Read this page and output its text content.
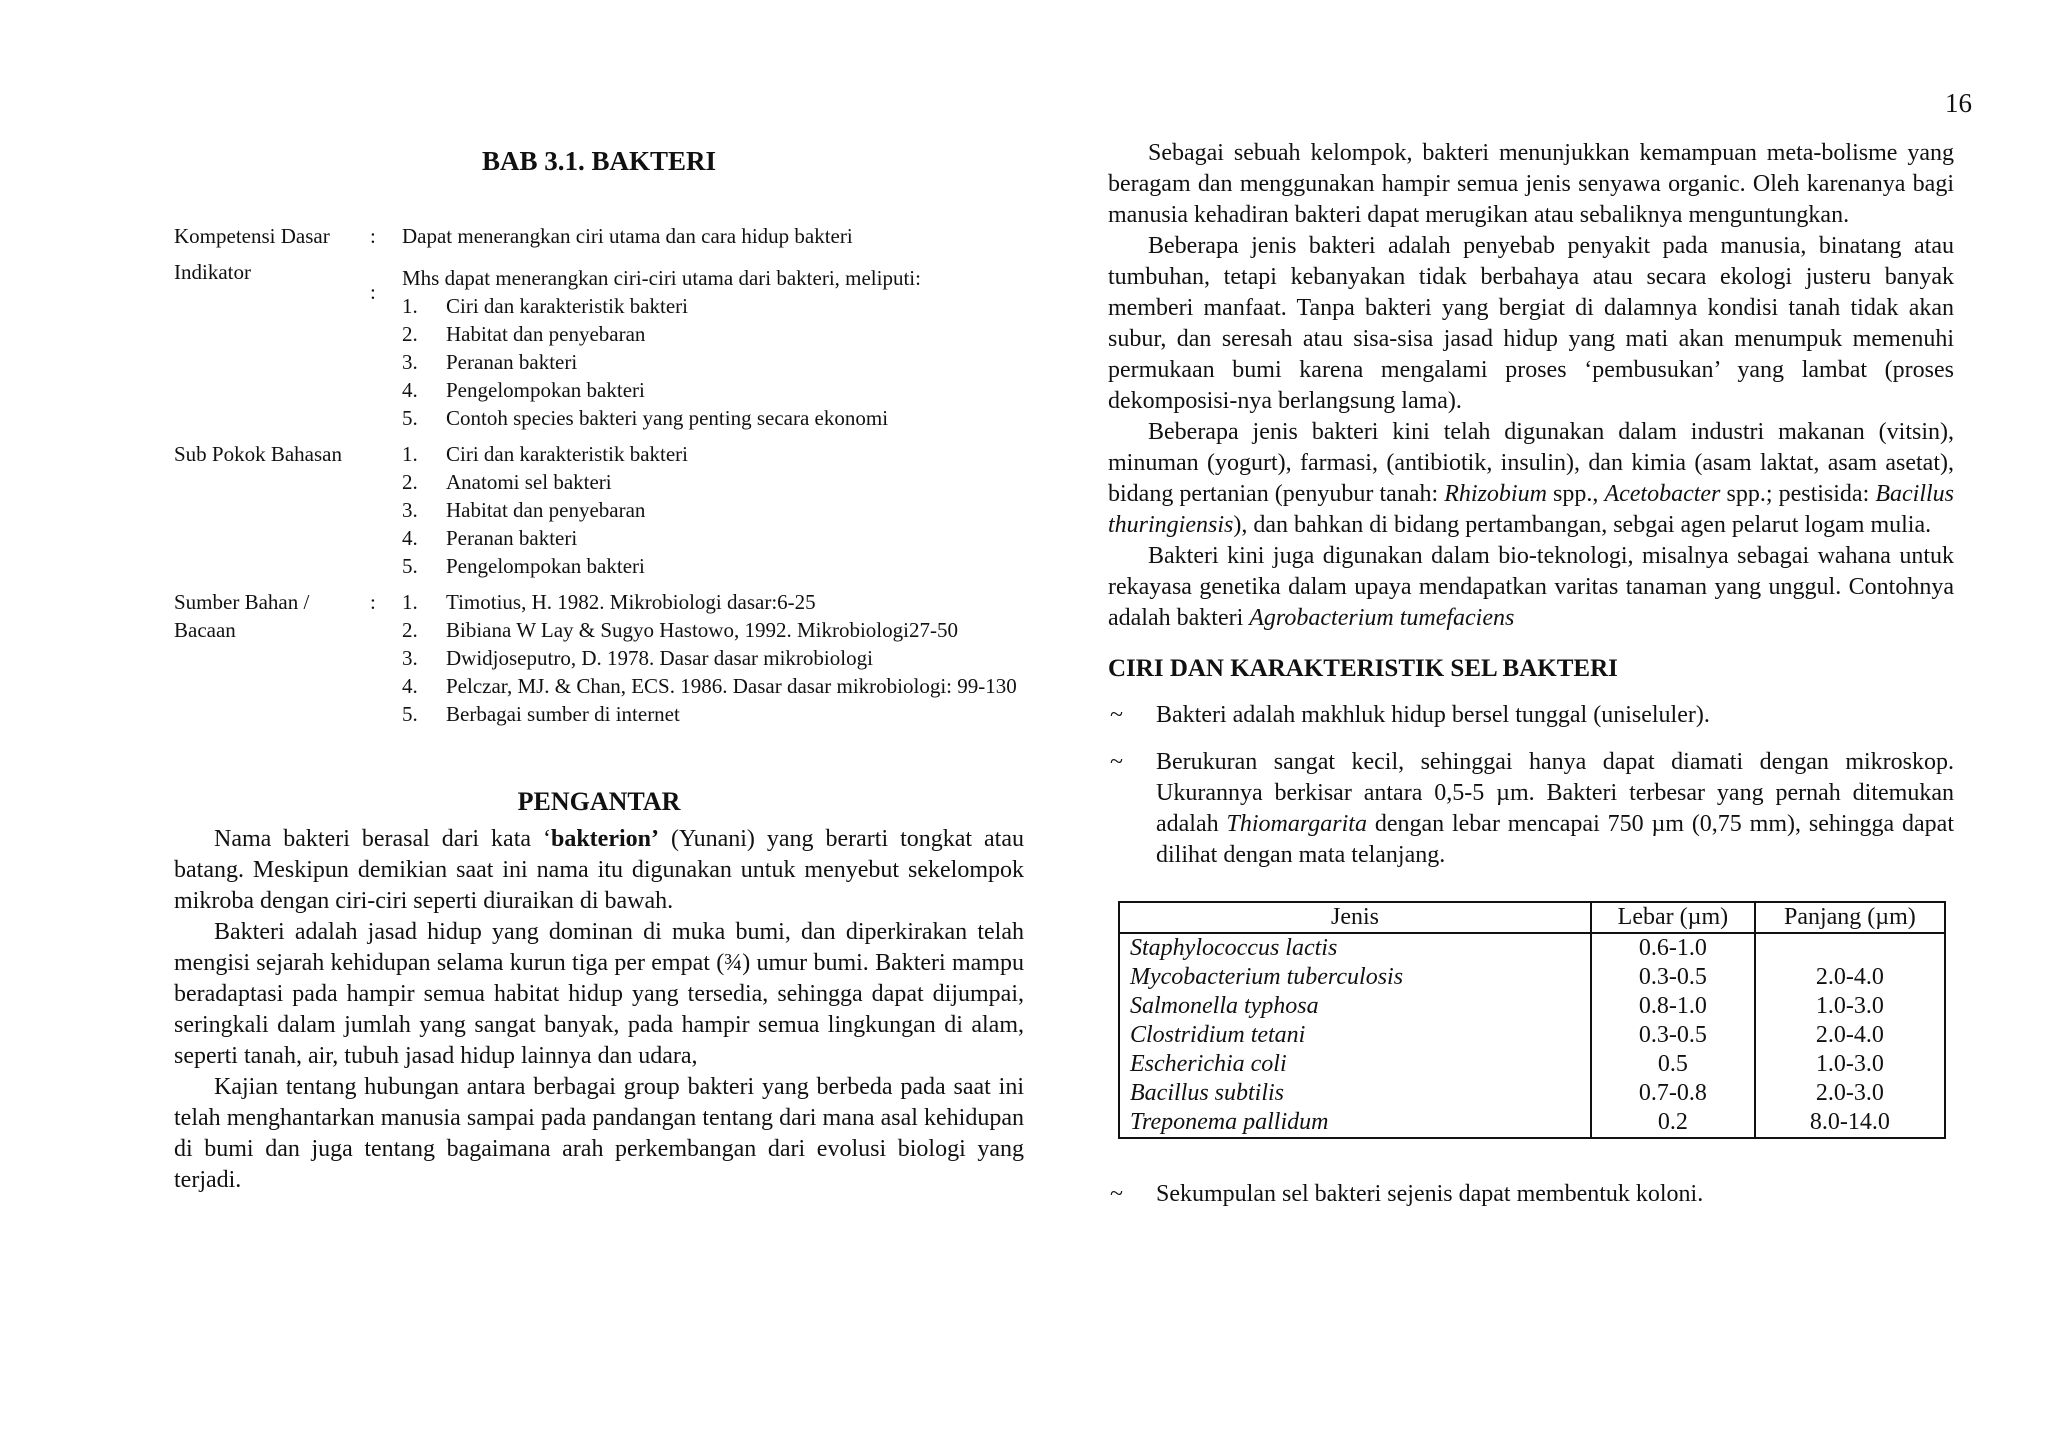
16
BAB 3.1. BAKTERI
Kompetensi Dasar	:	Dapat menerangkan ciri utama dan cara hidup bakteri
Indikator
:
Mhs dapat menerangkan ciri-ciri utama dari bakteri, meliputi:
1.	Ciri dan karakteristik bakteri
2.	Habitat dan penyebaran
3.	Peranan bakteri
4.	Pengelompokan bakteri
5.	Contoh species bakteri yang penting secara ekonomi
Sub Pokok Bahasan	1.	Ciri dan karakteristik bakteri
2.	Anatomi sel bakteri
3.	Habitat dan penyebaran
4.	Peranan bakteri
5.	Pengelompokan bakteri
Sumber Bahan / Bacaan
:	1.	Timotius, H. 1982. Mikrobiologi dasar:6-25
2.	Bibiana W Lay & Sugyo Hastowo, 1992. Mikrobiologi27-50
3.	Dwidjoseputro, D. 1978. Dasar dasar mikrobiologi
4.	Pelczar, MJ. & Chan, ECS. 1986. Dasar dasar mikrobiologi: 99-130
5.	Berbagai sumber di internet
PENGANTAR

Nama bakteri berasal dari kata ‘bakterion’ (Yunani) yang berarti tongkat atau batang. Meskipun demikian saat ini nama itu digunakan untuk menyebut sekelompok mikroba dengan ciri-ciri seperti diuraikan di bawah.

Bakteri adalah jasad hidup yang dominan di muka bumi, dan diperkirakan telah mengisi sejarah kehidupan selama kurun tiga per empat (¾) umur bumi. Bakteri mampu beradaptasi pada hampir semua habitat hidup yang tersedia, sehingga dapat dijumpai, seringkali dalam jumlah yang sangat banyak, pada hampir semua lingkungan di alam, seperti tanah, air, tubuh jasad hidup lainnya dan udara,

Kajian tentang hubungan antara berbagai group bakteri yang berbeda pada saat ini telah menghantarkan manusia sampai pada pandangan tentang dari mana asal kehidupan di bumi dan juga tentang bagaimana arah perkembangan dari evolusi biologi yang terjadi.

Sebagai sebuah kelompok, bakteri menunjukkan kemampuan meta-bolisme yang beragam dan menggunakan hampir semua jenis senyawa organic. Oleh karenanya bagi manusia kehadiran bakteri dapat merugikan atau sebaliknya menguntungkan.

Beberapa jenis bakteri adalah penyebab penyakit pada manusia, binatang atau tumbuhan, tetapi kebanyakan tidak berbahaya atau secara ekologi justeru banyak memberi manfaat. Tanpa bakteri yang bergiat di dalamnya kondisi tanah tidak akan subur, dan seresah atau sisa-sisa jasad hidup yang mati akan menumpuk memenuhi permukaan bumi karena mengalami proses ‘pembusukan’ yang lambat (proses dekomposisi-nya berlangsung lama).

Beberapa jenis bakteri kini telah digunakan dalam industri makanan (vitsin), minuman (yogurt), farmasi, (antibiotik, insulin), dan kimia (asam laktat, asam asetat), bidang pertanian (penyubur tanah: Rhizobium spp., Acetobacter spp.; pestisida: Bacillus thuringiensis), dan bahkan di bidang pertambangan, sebgai agen pelarut logam mulia.

Bakteri kini juga digunakan dalam bio-teknologi, misalnya sebagai wahana untuk rekayasa genetika dalam upaya mendapatkan varitas tanaman yang unggul. Contohnya adalah bakteri Agrobacterium tumefaciens

CIRI DAN KARAKTERISTIK SEL BAKTERI
~	Bakteri adalah makhluk hidup bersel tunggal (uniseluler).
~	Berukuran sangat kecil, sehinggai hanya dapat diamati dengan mikroskop. Ukurannya berkisar antara 0,5-5 µm. Bakteri terbesar yang pernah ditemukan adalah Thiomargarita dengan lebar mencapai 750 µm (0,75 mm), sehingga dapat dilihat dengan mata telanjang.
Jenis	Lebar (µm)	Panjang (µm)
Staphylococcus lactis	0.6-1.0	
Mycobacterium tuberculosis	0.3-0.5	2.0-4.0
Salmonella typhosa	0.8-1.0	1.0-3.0
Clostridium tetani	0.3-0.5	2.0-4.0
Escherichia coli	0.5	1.0-3.0
Bacillus subtilis	0.7-0.8	2.0-3.0
Treponema pallidum	0.2	8.0-14.0
~	Sekumpulan sel bakteri sejenis dapat membentuk koloni.
